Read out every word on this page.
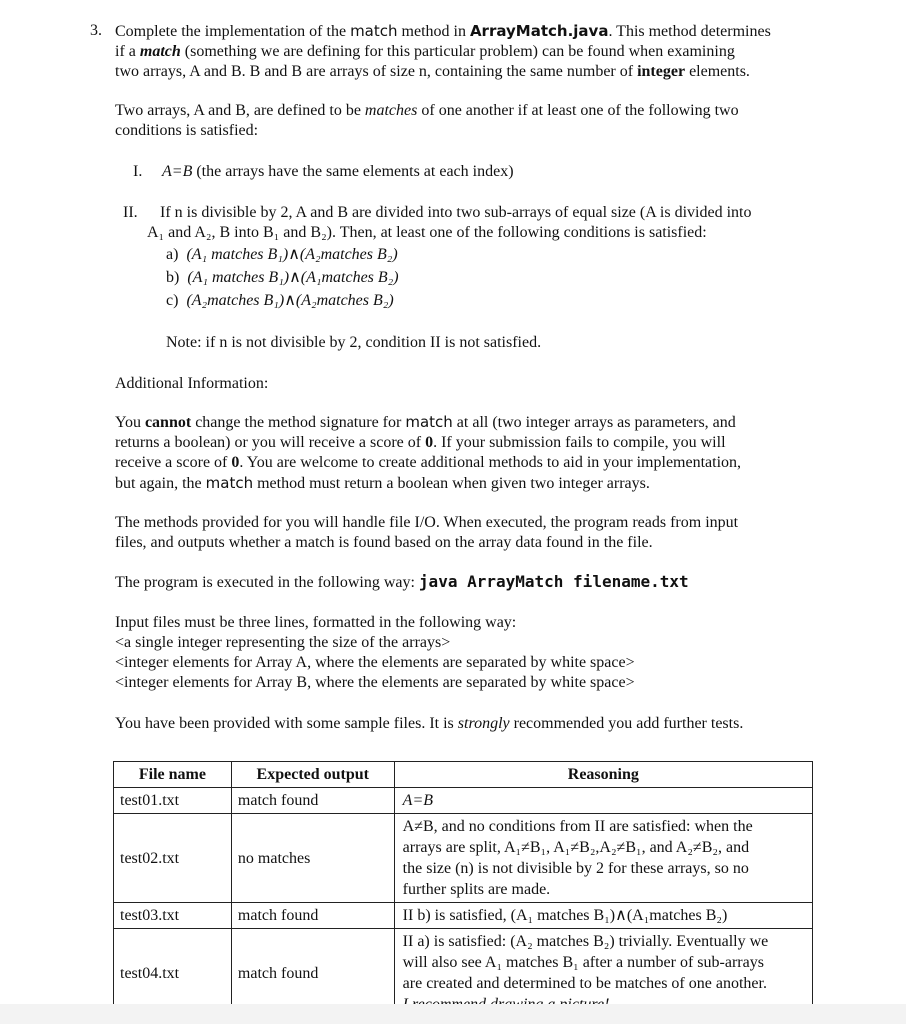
3. Complete the implementation of the match method in ArrayMatch.java. This method determines
if a match (something we are defining for this particular problem) can be found when examining
two arrays, A and B. B and B are arrays of size n, containing the same number of integer elements.
Two arrays, A and B, are defined to be matches of one another if at least one of the following two
conditions is satisfied:
I. A=B (the arrays have the same elements at each index)
II. If n is divisible by 2, A and B are divided into two sub-arrays of equal size (A is divided into
A₁ and A₂, B into B₁ and B₂). Then, at least one of the following conditions is satisfied:
a) (A₁ matches B₁)∧(A₂matches B₂)
b) (A₁ matches B₁)∧(A₁matches B₂)
c) (A₂matches B₁)∧(A₂matches B₂)
Note: if n is not divisible by 2, condition II is not satisfied.
Additional Information:
You cannot change the method signature for match at all (two integer arrays as parameters, and
returns a boolean) or you will receive a score of 0. If your submission fails to compile, you will
receive a score of 0. You are welcome to create additional methods to aid in your implementation,
but again, the match method must return a boolean when given two integer arrays.
The methods provided for you will handle file I/O. When executed, the program reads from input
files, and outputs whether a match is found based on the array data found in the file.
The program is executed in the following way: java ArrayMatch filename.txt
Input files must be three lines, formatted in the following way:
<a single integer representing the size of the arrays>
<integer elements for Array A, where the elements are separated by white space>
<integer elements for Array B, where the elements are separated by white space>
You have been provided with some sample files. It is strongly recommended you add further tests.
File name	Expected output	Reasoning
test01.txt	match found	A=B

test02.txt	no matches	A≠B, and no conditions from II are satisfied: when the
arrays are split, A₁≠B₁, A₁≠B₂,A₂≠B₁, and A₂≠B₂, and
the size (n) is not divisible by 2 for these arrays, so no
further splits are made.

test03.txt	match found	II b) is satisfied, (A₁ matches B₁)∧(A₁matches B₂)

test04.txt	match found	II a) is satisfied: (A₂ matches B₂) trivially. Eventually we
will also see A₁ matches B₁ after a number of sub-arrays
are created and determined to be matches of one another.
